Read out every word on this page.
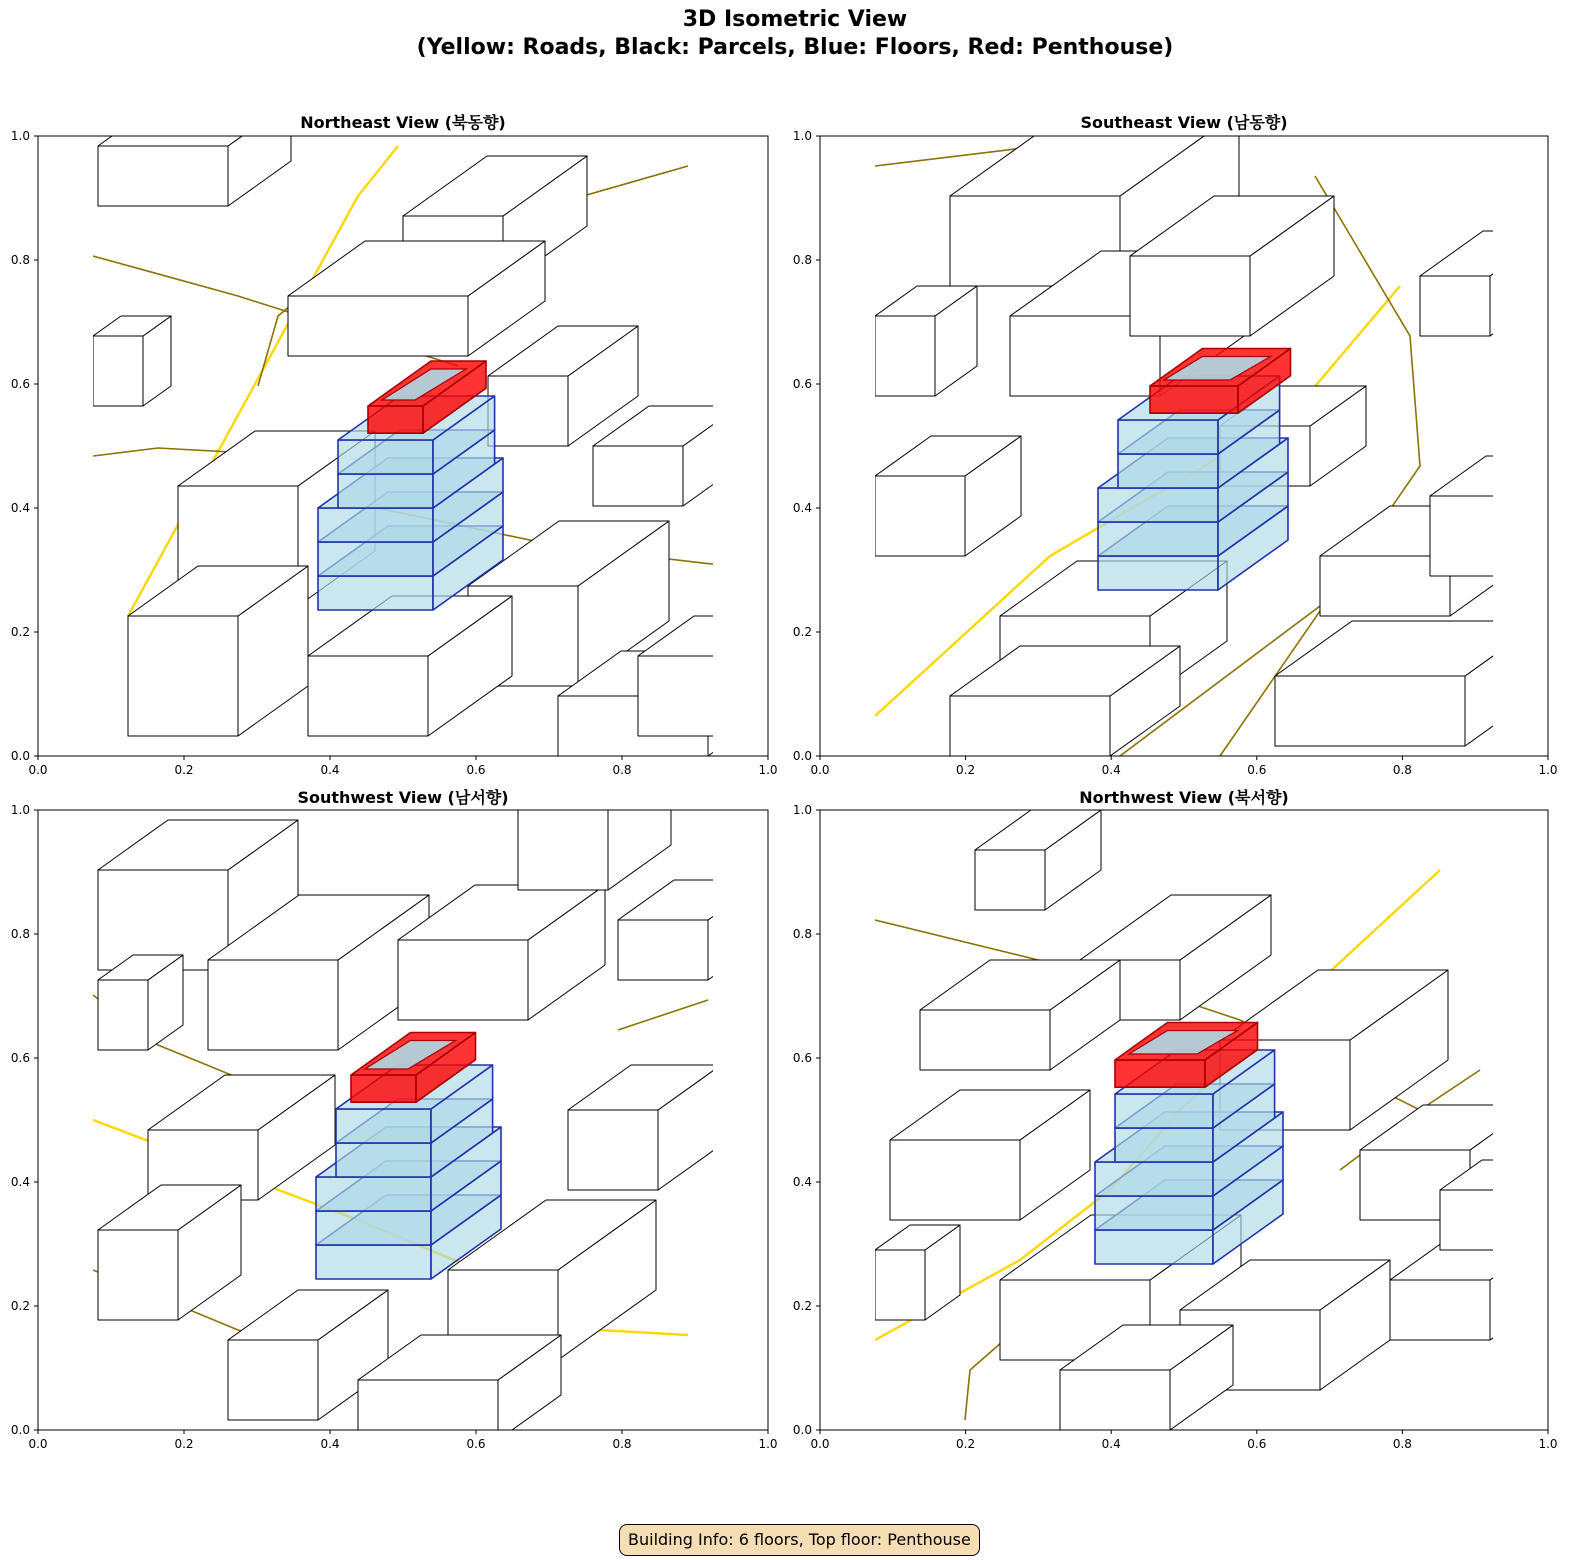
3D Isometric View
(Yellow: Roads, Black: Parcels, Blue: Floors, Red: Penthouse)
Northeast View (북동향)	Southeast View (남동향)
Southwest View (남서향)	Northwest View (북서향)
0.0	0.2	0.4	0.6	0.8	1.0
0.0
0.2
0.4
0.6
0.8
1.0
0.0	0.2	0.4	0.6	0.8	1.0
0.0
0.2
0.4
0.6
0.8
1.0
0.0	0.2	0.4	0.6	0.8	1.0
0.0
0.2
0.4
0.6
0.8
1.0
0.0	0.2	0.4	0.6	0.8	1.0
0.0
0.2
0.4
0.6
0.8
1.0
Building Info: 6 floors, Top floor: Penthouse
